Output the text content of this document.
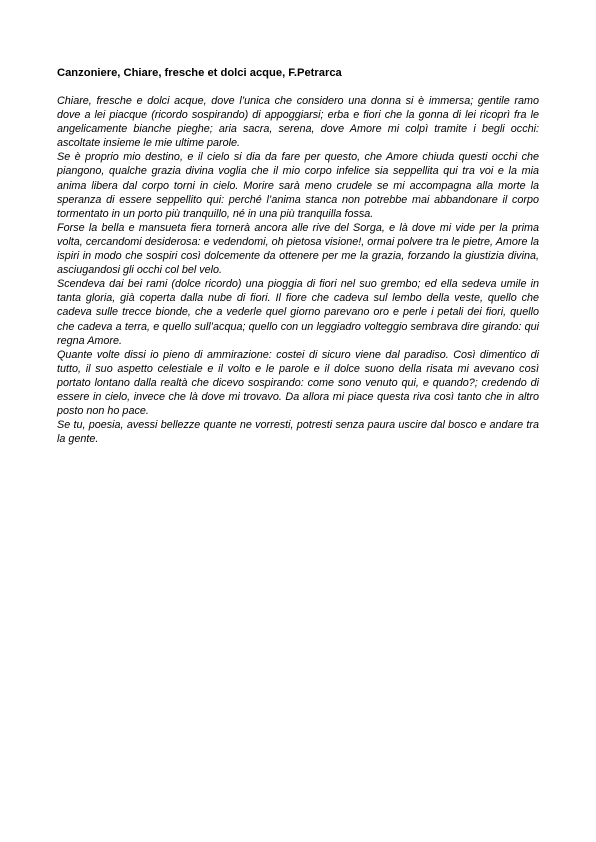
Canzoniere, Chiare, fresche et dolci acque, F.Petrarca

Chiare, fresche e dolci acque, dove l’unica che considero una donna si è immersa; gentile ramo dove a lei piacque (ricordo sospirando) di appoggiarsi; erba e fiori che la gonna di lei ricoprì fra le angelicamente bianche pieghe; aria sacra, serena, dove Amore mi colpì tramite i begli occhi: ascoltate insieme le mie ultime parole.

Se è proprio mio destino, e il cielo si dia da fare per questo, che Amore chiuda questi occhi che piangono, qualche grazia divina voglia che il mio corpo infelice sia seppellita qui tra voi e la mia anima libera dal corpo torni in cielo. Morire sarà meno crudele se mi accompagna alla morte la speranza di essere seppellito qui: perché l’anima stanca non potrebbe mai abbandonare il corpo tormentato in un porto più tranquillo, né in una più tranquilla fossa.

Forse la bella e mansueta fiera tornerà ancora alle rive del Sorga, e là dove mi vide per la prima volta, cercandomi desiderosa: e vedendomi, oh pietosa visione!, ormai polvere tra le pietre, Amore la ispiri in modo che sospiri così dolcemente da ottenere per me la grazia, forzando la giustizia divina, asciugandosi gli occhi col bel velo.

Scendeva dai bei rami (dolce ricordo) una pioggia di fiori nel suo grembo; ed ella sedeva umile in tanta gloria, già coperta dalla nube di fiori. Il fiore che cadeva sul lembo della veste, quello che cadeva sulle trecce bionde, che a vederle quel giorno parevano oro e perle i petali dei fiori, quello che cadeva a terra, e quello sull’acqua; quello con un leggiadro volteggio sembrava dire girando: qui regna Amore.

Quante volte dissi io pieno di ammirazione: costei di sicuro viene dal paradiso. Così dimentico di tutto, il suo aspetto celestiale e il volto e le parole e il dolce suono della risata mi avevano così portato lontano dalla realtà che dicevo sospirando: come sono venuto qui, e quando?; credendo di essere in cielo, invece che là dove mi trovavo. Da allora mi piace questa riva così tanto che in altro posto non ho pace.

Se tu, poesia, avessi bellezze quante ne vorresti, potresti senza paura uscire dal bosco e andare tra la gente.
